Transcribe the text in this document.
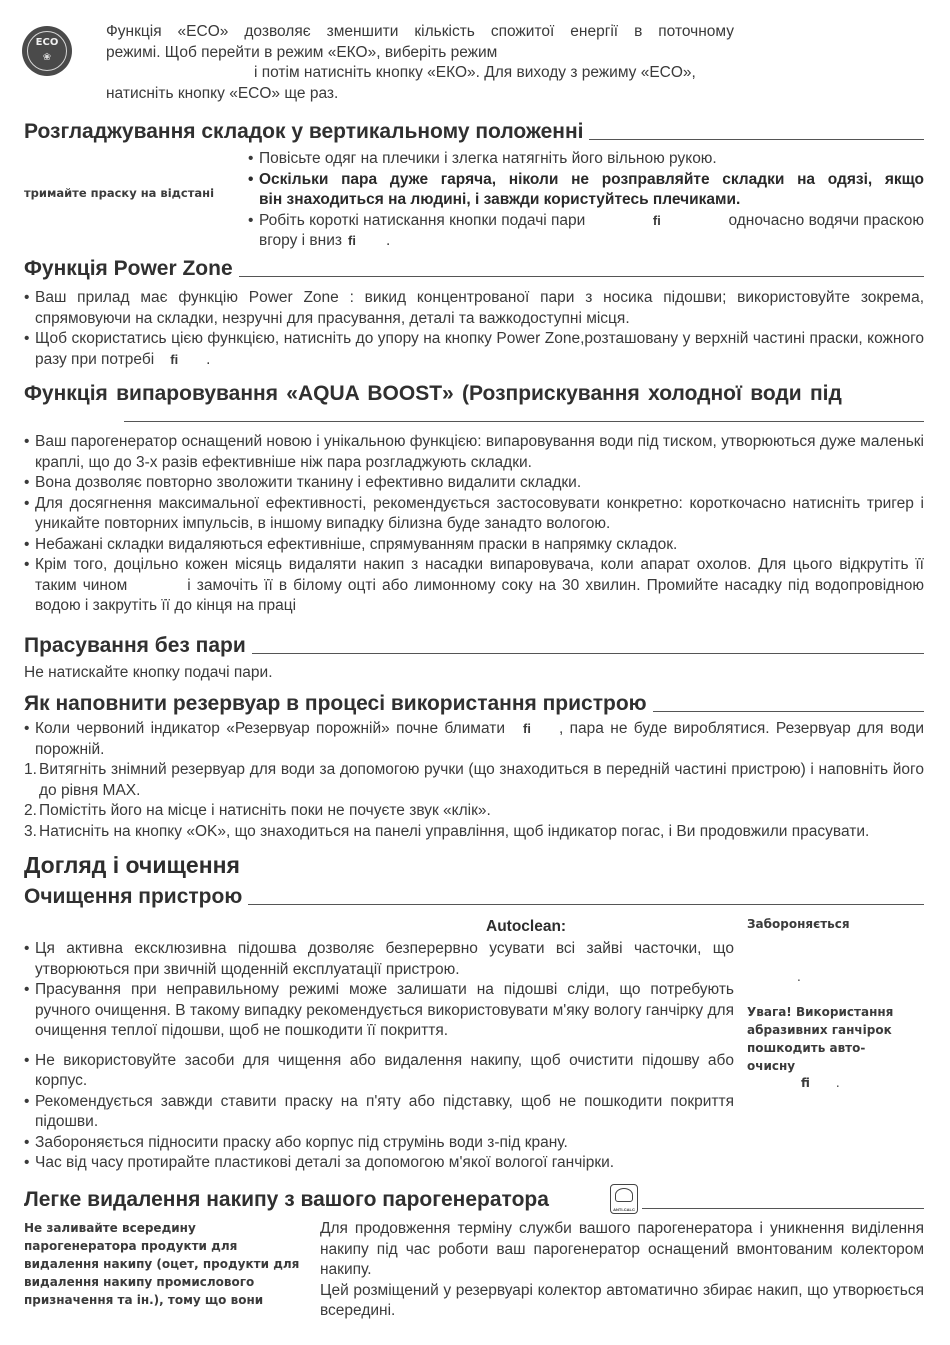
ECO
❀
Функція «ECO» дозволяє зменшити кількість спожитої енергії в поточному
режимі. Щоб перейти в режим «ЕКО», виберіть режим
і потім натисніть кнопку «ЕКО». Для виходу з режиму «ECO»,
натисніть кнопку «ECO» ще раз.
Розгладжування складок у вертикальному положенні
тримайте праску на відстані
• Повісьте одяг на плечики і злегка натягніть його вільною рукою.
• Оскільки пара дуже гаряча, ніколи не розправляйте складки на одязі, якщо
він знаходиться на людині, і завжди користуйтесь плечиками.
• Робіть короткі натискання кнопки подачі пари	ﬁ	одночасно водячи праскою
вгору і вниз ﬁ .
Функція Power Zone
• Ваш прилад має функцію Power Zone : викид концентрованої пари з носика підошви; використовуйте зокрема, спрямовуючи на складки, незручні для прасування, деталі та важкодоступні місця.
• Щоб скористатись цією функцією, натисніть до упору на кнопку Power Zone,розташовану у верхній частині праски, кожного разу при потребі ﬁ .
Функція випаровування «AQUA BOOST» (Розприскування холодної води під
• Ваш парогенератор оснащений новою і унікальною функцією: випаровування води під тиском, утворюються дуже маленькі краплі, що до 3-х разів ефективніше ніж пара розгладжують складки.
• Вона дозволяє повторно зволожити тканину і ефективно видалити складки.
• Для досягнення максимальної ефективності, рекомендується застосовувати конкретно: короткочасно натисніть тригер і уникайте повторних імпульсів, в іншому випадку білизна буде занадто вологою.
• Небажані складки видаляються ефективніше, спрямуванням праски в напрямку складок.
• Крім того, доцільно кожен місяць видаляти накип з насадки випаровувача, коли апарат охолов. Для цього відкрутіть її таким чином	і замочіть її в білому оцті або лимонному соку на 30 хвилин. Промийте насадку під водопровідною водою і закрутіть її до кінця на праці
Прасування без пари
Не натискайте кнопку подачі пари.
Як наповнити резервуар в процесі використання пристрою
• Коли червоний індикатор «Резервуар порожній» почне блимати ﬁ , пара не буде вироблятися. Резервуар для води порожній.
1. Витягніть знімний резервуар для води за допомогою ручки (що знаходиться в передній частині пристрою) і наповніть його до рівня MAX.
2. Помістіть його на місце і натисніть поки не почуєте звук «клік».
3. Натисніть на кнопку «OK», що знаходиться на панелі управління, щоб індикатор погас, і Ви продовжили прасувати.
Догляд і очищення
Очищення пристрою
Autoclean:
• Ця активна ексклюзивна підошва дозволяє безперервно усувати всі зайві часточки, що утворюються при звичній щоденній експлуатації пристрою.
• Прасування при неправильному режимі може залишати на підошві сліди, що потребують ручного очищення. В такому випадку рекомендується використовувати м'яку вологу ганчірку для очищення теплої підошви, щоб не пошкодити її покриття.
• Не використовуйте засоби для чищення або видалення накипу, щоб очистити підошву або корпус.
• Рекомендується завжди ставити праску на п'яту або підставку, щоб не пошкодити покриття підошви.
• Забороняється підносити праску або корпус під струмінь води з-під крану.
• Час від часу протирайте пластикові деталі за допомогою м'якої вологої ганчірки.
Забороняється
.
Увага! Використання абразивних ганчірок пошкодить авто-очисну
ﬁ .
Легке видалення накипу з вашого парогенератора	ANTI-CALC
Не заливайте всередину парогенератора продукти для видалення накипу (оцет, продукти для видалення накипу промислового призначення та ін.), тому що вони
Для продовження терміну служби вашого парогенератора і уникнення виділення накипу під час роботи ваш парогенератор оснащений вмонтованим колектором накипу.
Цей розміщений у резервуарі колектор автоматично збирає накип, що утворюється всередині.
